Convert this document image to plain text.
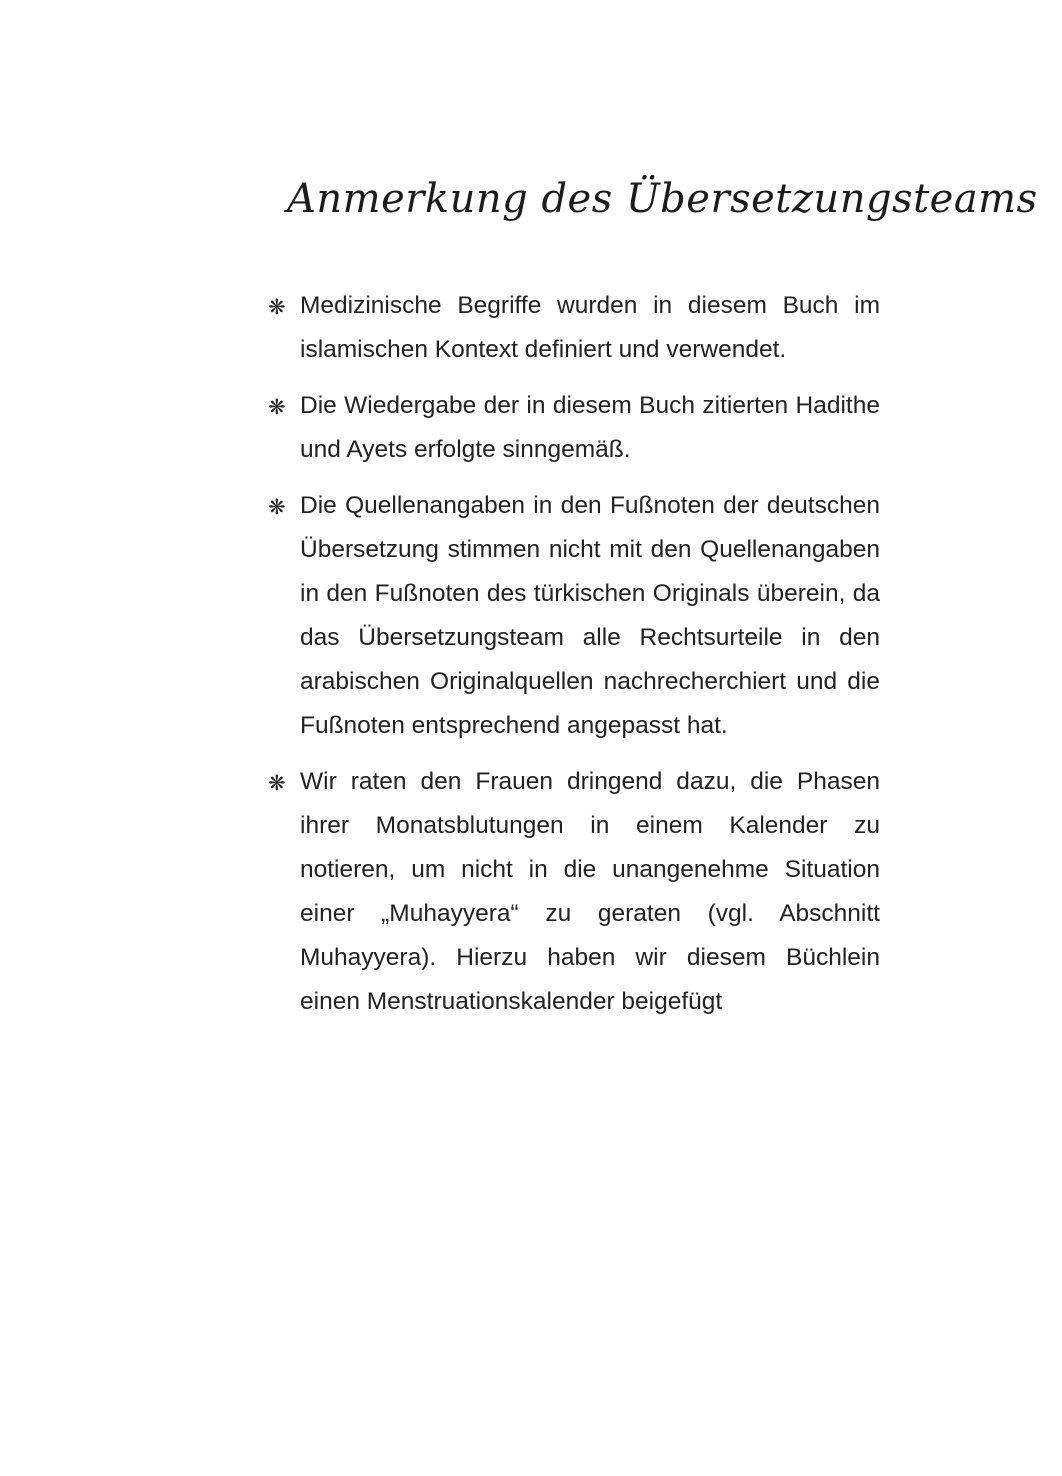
Anmerkung des Übersetzungsteams
❋ Medizinische Begriffe wurden in diesem Buch im islamischen Kontext definiert und verwendet.
❋ Die Wiedergabe der in diesem Buch zitierten Hadithe und Ayets erfolgte sinngemäß.
❋ Die Quellenangaben in den Fußnoten der deutschen Übersetzung stimmen nicht mit den Quellenangaben in den Fußnoten des türkischen Originals überein, da das Übersetzungsteam alle Rechtsurteile in den arabischen Originalquellen nachrecherchiert und die Fußnoten entsprechend angepasst hat.
❋ Wir raten den Frauen dringend dazu, die Phasen ihrer Monatsblutungen in einem Kalender zu notieren, um nicht in die unangenehme Situation einer „Muhayyera“ zu geraten (vgl. Abschnitt Muhayyera). Hierzu haben wir diesem Büchlein einen Menstruationskalender beigefügt
